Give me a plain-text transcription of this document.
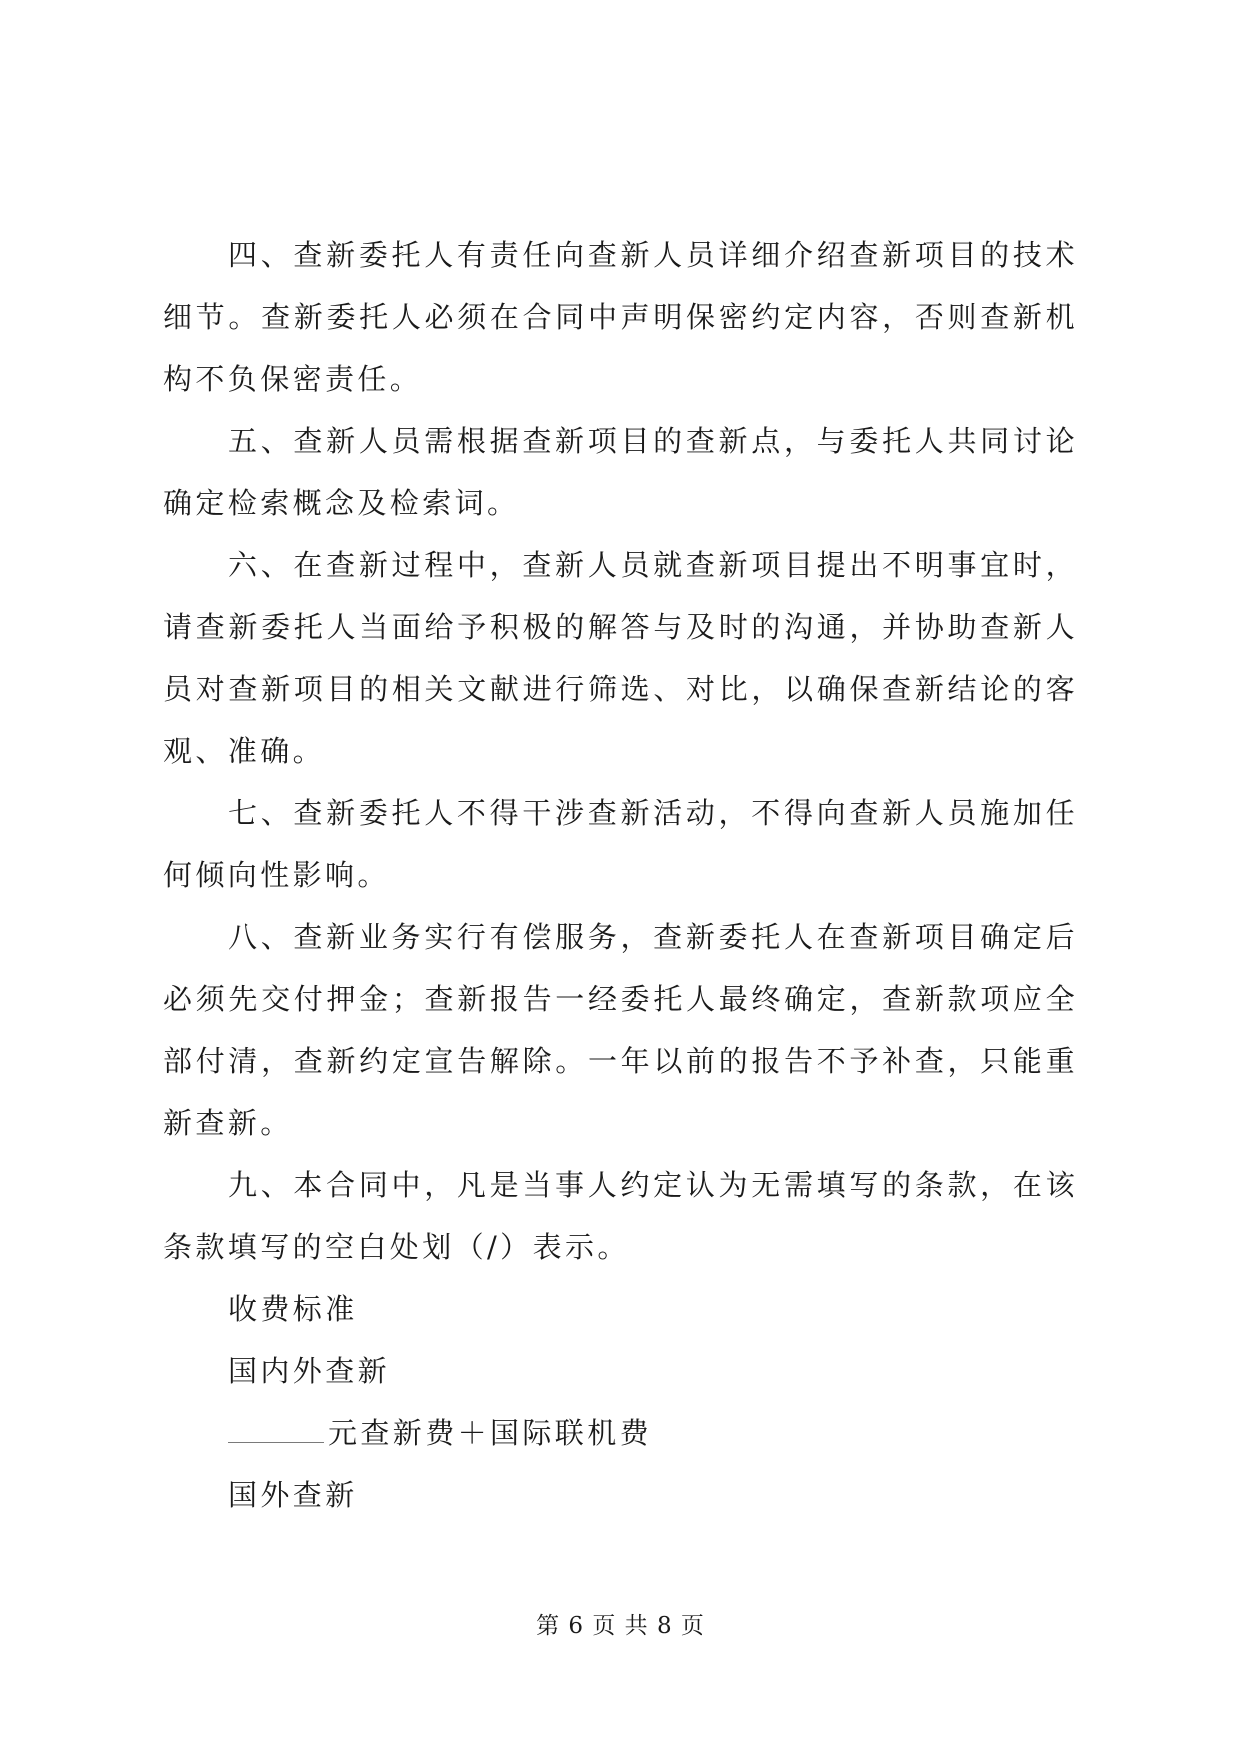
四、查新委托人有责任向查新人员详细介绍查新项目的技术细节。查新委托人必须在合同中声明保密约定内容，否则查新机构不负保密责任。

五、查新人员需根据查新项目的查新点，与委托人共同讨论确定检索概念及检索词。

六、在查新过程中，查新人员就查新项目提出不明事宜时，请查新委托人当面给予积极的解答与及时的沟通，并协助查新人员对查新项目的相关文献进行筛选、对比，以确保查新结论的客观、准确。

七、查新委托人不得干涉查新活动，不得向查新人员施加任何倾向性影响。

八、查新业务实行有偿服务，查新委托人在查新项目确定后必须先交付押金；查新报告一经委托人最终确定，查新款项应全部付清，查新约定宣告解除。一年以前的报告不予补查，只能重新查新。

九、本合同中，凡是当事人约定认为无需填写的条款，在该条款填写的空白处划（/）表示。

收费标准

国内外查新

元查新费＋国际联机费

国外查新

第 6 页 共 8 页
